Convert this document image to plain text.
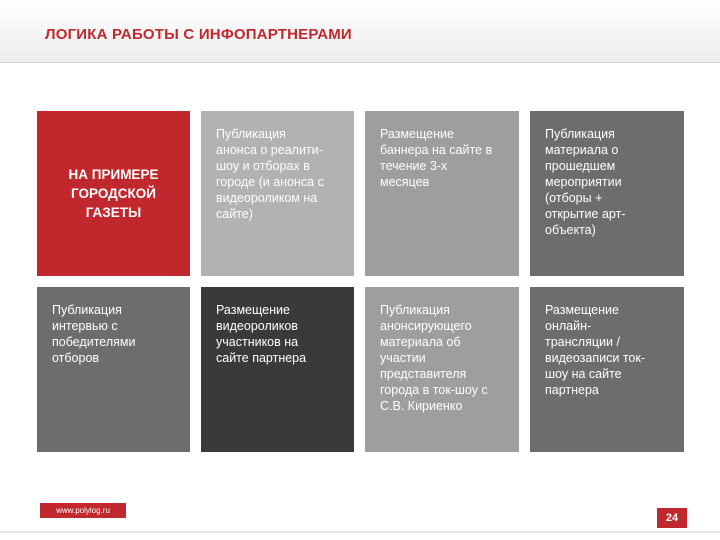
ЛОГИКА РАБОТЫ С ИНФОПАРТНЕРАМИ
НА ПРИМЕРЕ
ГОРОДСКОЙ
ГАЗЕТЫ
Публикация
анонса о реалити-
шоу и отборах в
городе (и анонса с
видеороликом на
сайте)
Размещение
баннера на сайте в
течение 3-х
месяцев
Публикация
материала о
прошедшем
мероприятии
(отборы +
открытие арт-
объекта)
Публикация
интервью с
победителями
отборов
Размещение
видеороликов
участников на
сайте партнера
Публикация
анонсирующего
материала об
участии
представителя
города в ток-шоу с
С.В. Кириенко
Размещение
онлайн-
трансляции /
видеозаписи ток-
шоу на сайте
партнера
www.polylog.ru
24
